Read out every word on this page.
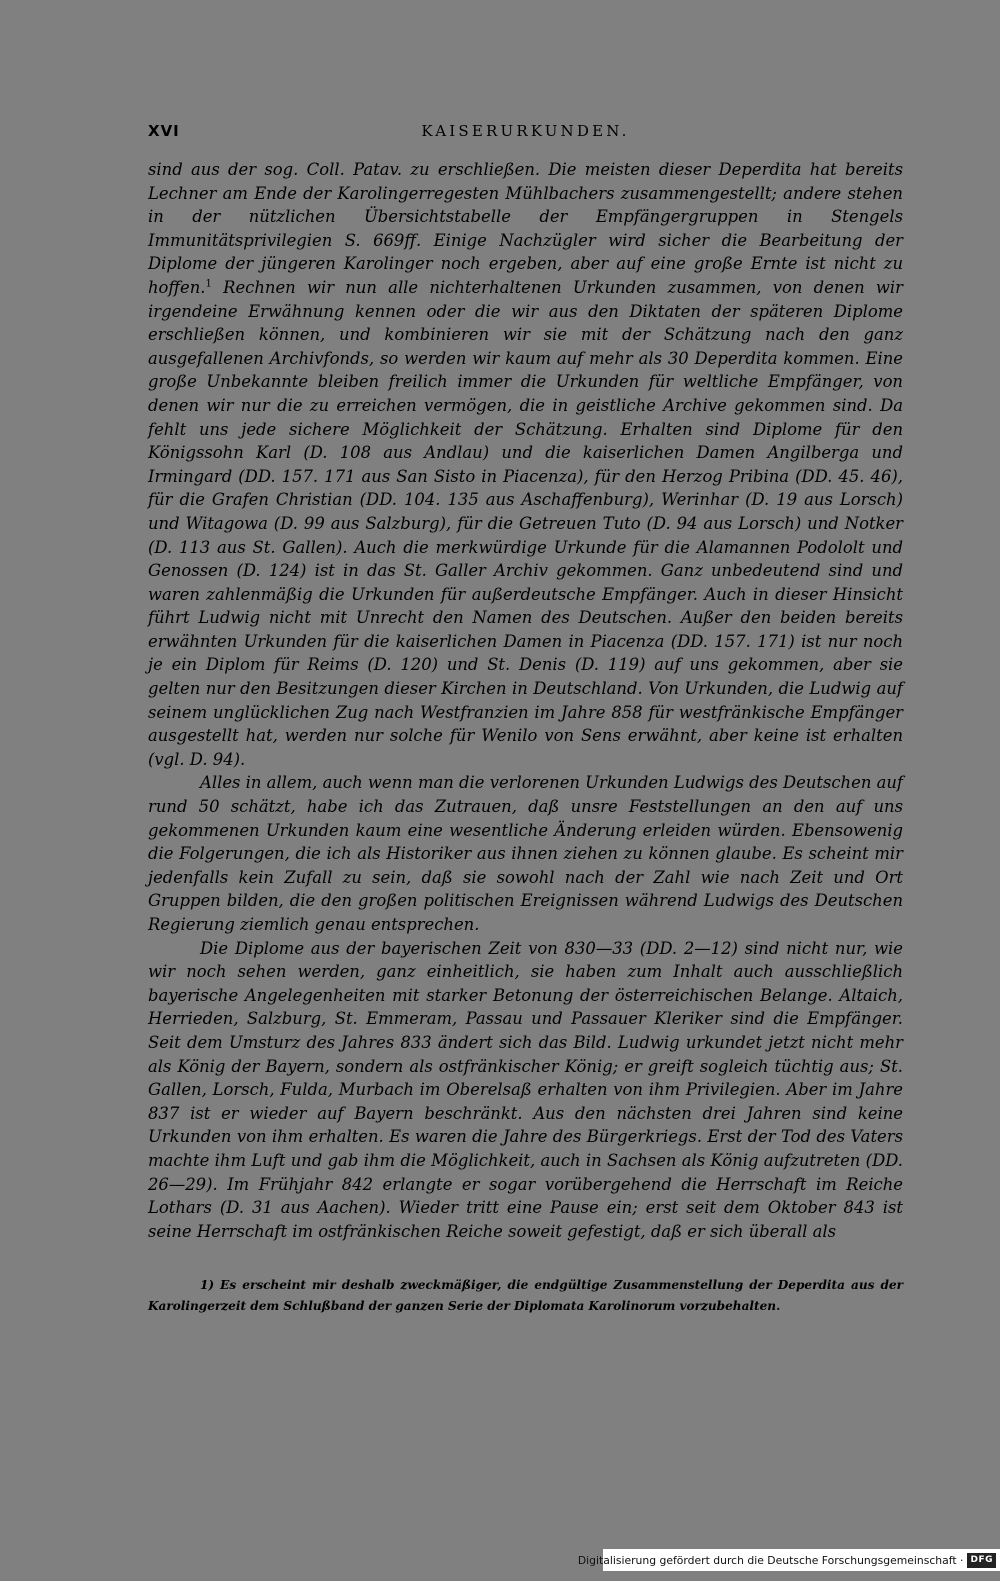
XVI	KAISERURKUNDEN.

sind aus der sog. Coll. Patav. zu erschließen. Die meisten dieser Deperdita hat bereits Lechner am Ende der Karolingerregesten Mühlbachers zusammengestellt; andere stehen in der nützlichen Übersichtstabelle der Empfängergruppen in Stengels Immunitätsprivilegien S. 669ff. Einige Nachzügler wird sicher die Bearbeitung der Diplome der jüngeren Karolinger noch ergeben, aber auf eine große Ernte ist nicht zu hoffen.$^1$ Rechnen wir nun alle nichterhaltenen Urkunden zusammen, von denen wir irgendeine Erwähnung kennen oder die wir aus den Diktaten der späteren Diplome erschließen können, und kombinieren wir sie mit der Schätzung nach den ganz ausgefallenen Archivfonds, so werden wir kaum auf mehr als 30 Deperdita kommen. Eine große Unbekannte bleiben freilich immer die Urkunden für weltliche Empfänger, von denen wir nur die zu erreichen vermögen, die in geistliche Archive gekommen sind. Da fehlt uns jede sichere Möglichkeit der Schätzung. Erhalten sind Diplome für den Königssohn Karl (D. 108 aus Andlau) und die kaiserlichen Damen Angilberga und Irmingard (DD. 157. 171 aus San Sisto in Piacenza), für den Herzog Pribina (DD. 45. 46), für die Grafen Christian (DD. 104. 135 aus Aschaffenburg), Werinhar (D. 19 aus Lorsch) und Witagowa (D. 99 aus Salzburg), für die Getreuen Tuto (D. 94 aus Lorsch) und Notker (D. 113 aus St. Gallen). Auch die merkwürdige Urkunde für die Alamannen Podololt und Genossen (D. 124) ist in das St. Galler Archiv gekommen. Ganz unbedeutend sind und waren zahlenmäßig die Urkunden für außerdeutsche Empfänger. Auch in dieser Hinsicht führt Ludwig nicht mit Unrecht den Namen des Deutschen. Außer den beiden bereits erwähnten Urkunden für die kaiserlichen Damen in Piacenza (DD. 157. 171) ist nur noch je ein Diplom für Reims (D. 120) und St. Denis (D. 119) auf uns gekommen, aber sie gelten nur den Besitzungen dieser Kirchen in Deutschland. Von Urkunden, die Ludwig auf seinem unglücklichen Zug nach Westfranzien im Jahre 858 für westfränkische Empfänger ausgestellt hat, werden nur solche für Wenilo von Sens erwähnt, aber keine ist erhalten (vgl. D. 94).

Alles in allem, auch wenn man die verlorenen Urkunden Ludwigs des Deutschen auf rund 50 schätzt, habe ich das Zutrauen, daß unsre Feststellungen an den auf uns gekommenen Urkunden kaum eine wesentliche Änderung erleiden würden. Ebensowenig die Folgerungen, die ich als Historiker aus ihnen ziehen zu können glaube. Es scheint mir jedenfalls kein Zufall zu sein, daß sie sowohl nach der Zahl wie nach Zeit und Ort Gruppen bilden, die den großen politischen Ereignissen während Ludwigs des Deutschen Regierung ziemlich genau entsprechen.

Die Diplome aus der bayerischen Zeit von 830—33 (DD. 2—12) sind nicht nur, wie wir noch sehen werden, ganz einheitlich, sie haben zum Inhalt auch ausschließlich bayerische Angelegenheiten mit starker Betonung der österreichischen Belange. Altaich, Herrieden, Salzburg, St. Emmeram, Passau und Passauer Kleriker sind die Empfänger. Seit dem Umsturz des Jahres 833 ändert sich das Bild. Ludwig urkundet jetzt nicht mehr als König der Bayern, sondern als ostfränkischer König; er greift sogleich tüchtig aus; St. Gallen, Lorsch, Fulda, Murbach im Oberelsaß erhalten von ihm Privilegien. Aber im Jahre 837 ist er wieder auf Bayern beschränkt. Aus den nächsten drei Jahren sind keine Urkunden von ihm erhalten. Es waren die Jahre des Bürgerkriegs. Erst der Tod des Vaters machte ihm Luft und gab ihm die Möglichkeit, auch in Sachsen als König aufzutreten (DD. 26—29). Im Frühjahr 842 erlangte er sogar vorübergehend die Herrschaft im Reiche Lothars (D. 31 aus Aachen). Wieder tritt eine Pause ein; erst seit dem Oktober 843 ist seine Herrschaft im ostfränkischen Reiche soweit gefestigt, daß er sich überall als

1) Es erscheint mir deshalb zweckmäßiger, die endgültige Zusammenstellung der Deperdita aus der Karolingerzeit dem Schlußband der ganzen Serie der Diplomata Karolinorum vorzubehalten.

Digitalisierung gefördert durch die Deutsche Forschungsgemeinschaft · DFG
